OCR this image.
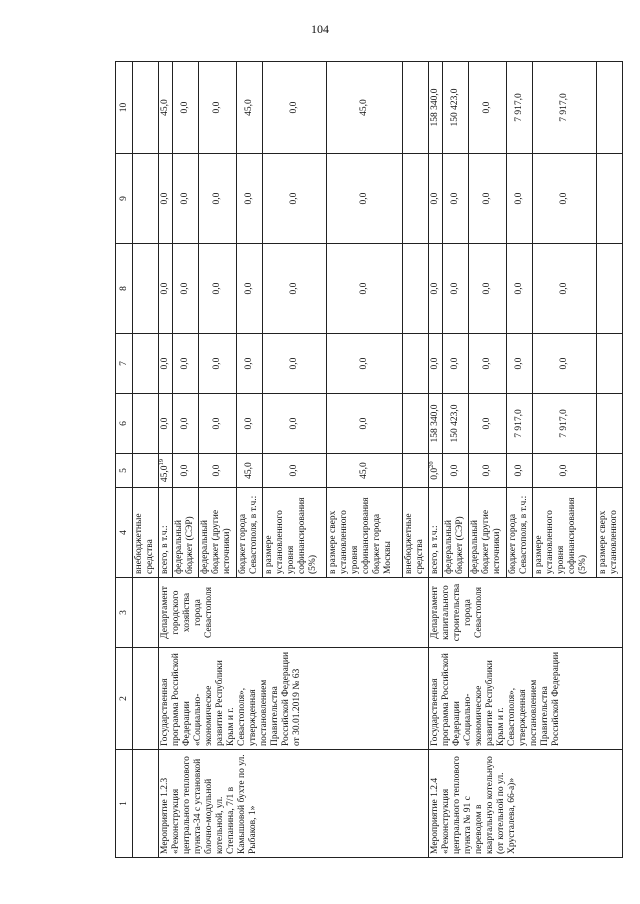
104
1	2	3	4	5	6	7	8	9	10
			внебюджетные средства						
Мероприятие 1.2.3 «Реконструкция центрального теплового пункта-34 с установкой блочно-модульной котельной, ул. Степанина, 7/1 в Камышовой бухте по ул. Рыбаков, 1»	Государственная программа Российской Федерации «Социально-экономическое развитие Республики Крым и г. Севастополя», утвержденная постановлением Правительства Российской Федерации от 30.01.2019 № 63	Департамент городского хозяйства города Севастополя	всего, в т.ч.:	45,0$^{19}$	0,0	0,0	0,0	0,0	45,0
			федеральный бюджет (СЭР)	0,0	0,0	0,0	0,0	0,0	0,0
			федеральный бюджет (другие источники)	0,0	0,0	0,0	0,0	0,0	0,0
			бюджет города Севастополя, в т.ч.:	45,0	0,0	0,0	0,0	0,0	45,0
			в размере установленного уровня софинансирования (5%)	0,0	0,0	0,0	0,0	0,0	0,0
			в размере сверх установленного уровня софинансирования бюджет города Москвы	45,0	0,0	0,0	0,0	0,0	45,0
			внебюджетные средства						
Мероприятие 1.2.4 «Реконструкция центрального теплового пункта № 91 с переводом в квартальную котельную (от котельной по ул. Хрусталева, 66-а)»	Государственная программа Российской Федерации «Социально-экономическое развитие Республики Крым и г. Севастополя», утвержденная постановлением Правительства Российской Федерации	Департамент капитального строительства города Севастополя	всего, в т.ч.:	$0,0^{20}$	158 340,0	0,0	0,0	0,0	158 340,0
			федеральный бюджет (СЭР)	0,0	150 423,0	0,0	0,0	0,0	150 423,0
			федеральный бюджет (другие источники)	0,0	0,0	0,0	0,0	0,0	0,0
			бюджет города Севастополя, в т.ч.:	0,0	7 917,0	0,0	0,0	0,0	7 917,0
			в размере установленного уровня софинансирования (5%)	0,0	7 917,0	0,0	0,0	0,0	7 917,0
			в размере сверх установленного						
